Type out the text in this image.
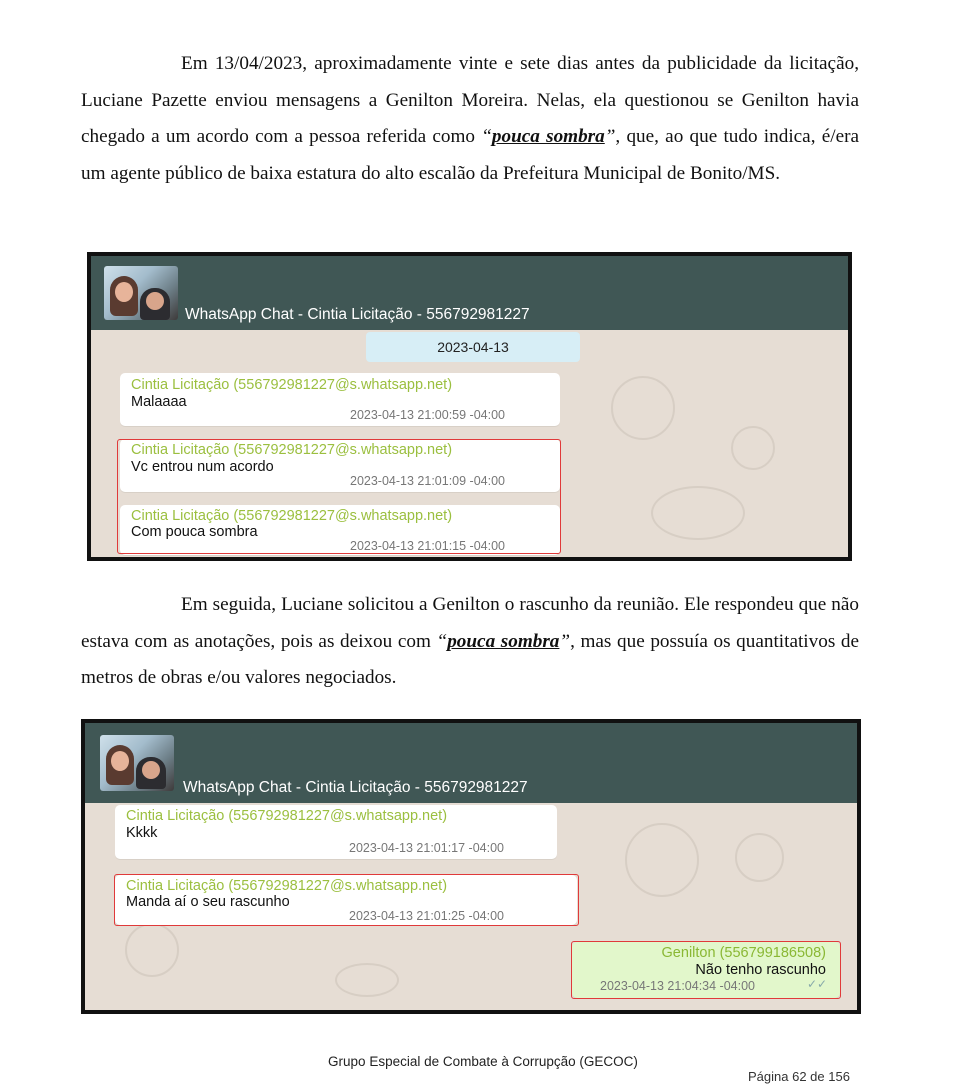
Em 13/04/2023, aproximadamente vinte e sete dias antes da publicidade da licitação, Luciane Pazette enviou mensagens a Genilton Moreira. Nelas, ela questionou se Genilton havia chegado a um acordo com a pessoa referida como “pouca sombra”, que, ao que tudo indica, é/era um agente público de baixa estatura do alto escalão da Prefeitura Municipal de Bonito/MS.

WhatsApp Chat - Cintia Licitação - 556792981227
2023-04-13
Cintia Licitação (556792981227@s.whatsapp.net)
Malaaaa
2023-04-13 21:00:59 -04:00
Cintia Licitação (556792981227@s.whatsapp.net)
Vc entrou num acordo
2023-04-13 21:01:09 -04:00
Cintia Licitação (556792981227@s.whatsapp.net)
Com pouca sombra
2023-04-13 21:01:15 -04:00

Em seguida, Luciane solicitou a Genilton o rascunho da reunião. Ele respondeu que não estava com as anotações, pois as deixou com “pouca sombra”, mas que possuía os quantitativos de metros de obras e/ou valores negociados.

WhatsApp Chat - Cintia Licitação - 556792981227
Cintia Licitação (556792981227@s.whatsapp.net)
Kkkk
2023-04-13 21:01:17 -04:00
Cintia Licitação (556792981227@s.whatsapp.net)
Manda aí o seu rascunho
2023-04-13 21:01:25 -04:00
Genilton (556799186508)
Não tenho rascunho
2023-04-13 21:04:34 -04:00	✓✓
Grupo Especial de Combate à Corrupção (GECOC)
Página 62 de 156
